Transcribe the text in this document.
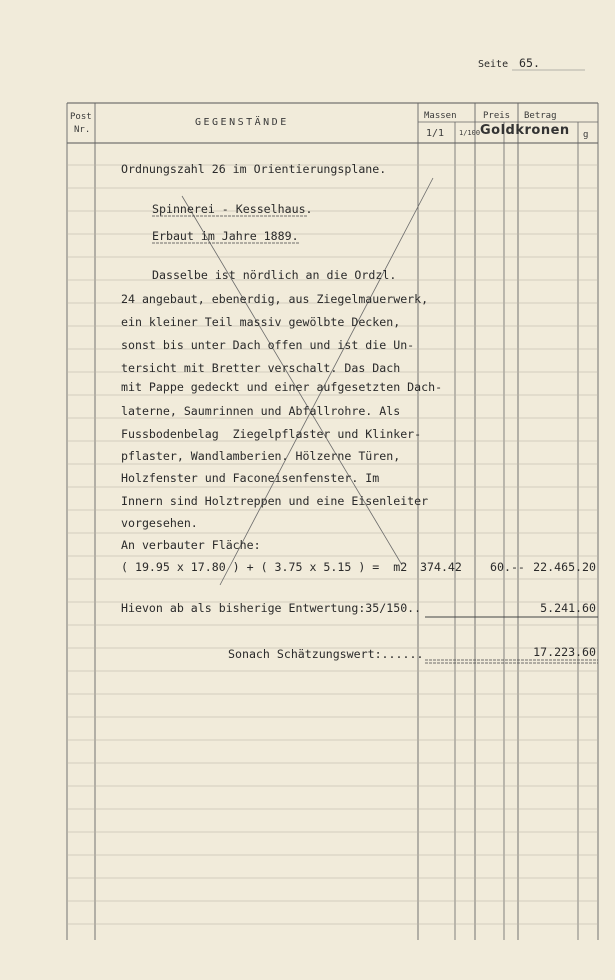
Seite 65.
Post
Nr.
GEGENSTÄNDE
Massen
1/1 1/100
Preis Betrag
Goldkronen g
Ordnungszahl 26 im Orientierungsplane.
Spinnerei - Kesselhaus.
Erbaut im Jahre 1889.
Dasselbe ist nördlich an die Ordzl.
24 angebaut, ebenerdig, aus Ziegelmauerwerk,
ein kleiner Teil massiv gewölbte Decken,
sonst bis unter Dach offen und ist die Un-
tersicht mit Bretter verschalt. Das Dach
mit Pappe gedeckt und einer aufgesetzten Dach-
laterne, Saumrinnen und Abfallrohre. Als
Fussbodenbelag  Ziegelpflaster und Klinker-
pflaster, Wandlamberien. Hölzerne Türen,
Holzfenster und Faconeisenfenster. Im
Innern sind Holztreppen und eine Eisenleiter
vorgesehen.
An verbauter Fläche:
( 19.95 x 17.80 ) + ( 3.75 x 5.15 ) =  m2 374.42 60.-- 22.465.20
Hievon ab als bisherige Entwertung:35/150..	5.241.60
Sonach Schätzungswert:......	17.223.60
